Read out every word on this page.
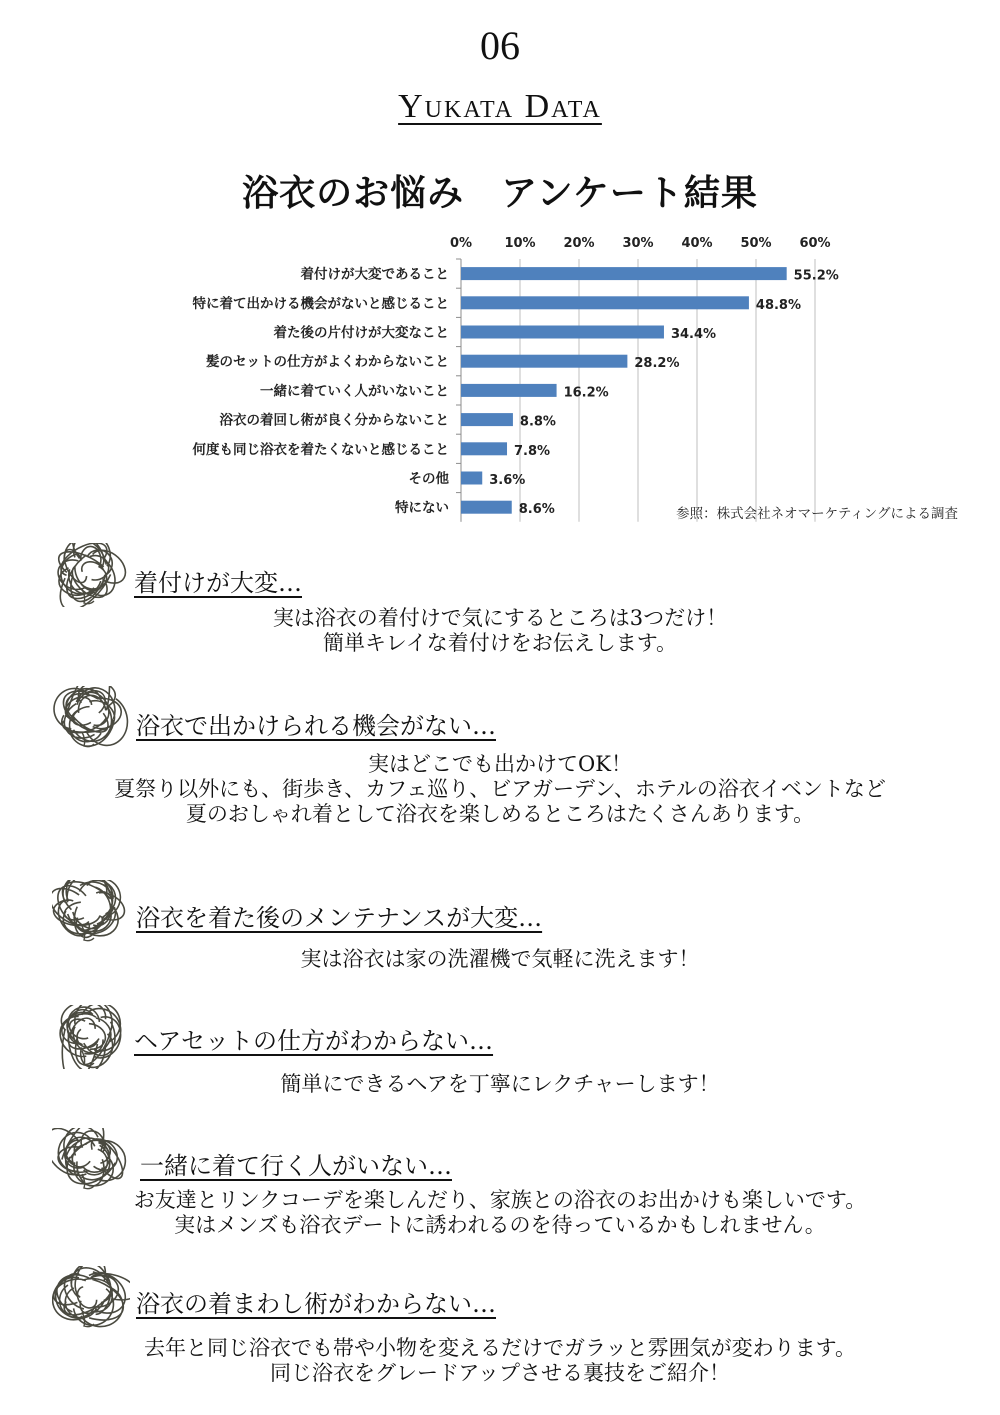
06
Yukata Data
浴衣のお悩み　アンケート結果
0% 10% 20% 30% 40% 50% 60%
着付けが大変であること	55.2%
特に着て出かける機会がないと感じること	48.8%
着た後の片付けが大変なこと	34.4%
髪のセットの仕方がよくわからないこと	28.2%
一緒に着ていく人がいないこと	16.2%
浴衣の着回し術が良く分からないこと	8.8%
何度も同じ浴衣を着たくないと感じること	7.8%
その他	3.6%
特にない	8.6%	参照：株式会社ネオマーケティングによる調査
着付けが大変…
実は浴衣の着付けで気にするところは3つだけ！
簡単キレイな着付けをお伝えします。
浴衣で出かけられる機会がない…
実はどこでも出かけてOK！
夏祭り以外にも、街歩き、カフェ巡り、ビアガーデン、ホテルの浴衣イベントなど
夏のおしゃれ着として浴衣を楽しめるところはたくさんあります。
浴衣を着た後のメンテナンスが大変…
実は浴衣は家の洗濯機で気軽に洗えます！
ヘアセットの仕方がわからない…
簡単にできるヘアを丁寧にレクチャーします！
一緒に着て行く人がいない…
お友達とリンクコーデを楽しんだり、家族との浴衣のお出かけも楽しいです。
実はメンズも浴衣デートに誘われるのを待っているかもしれません。
浴衣の着まわし術がわからない…
去年と同じ浴衣でも帯や小物を変えるだけでガラッと雰囲気が変わります。
同じ浴衣をグレードアップさせる裏技をご紹介！
